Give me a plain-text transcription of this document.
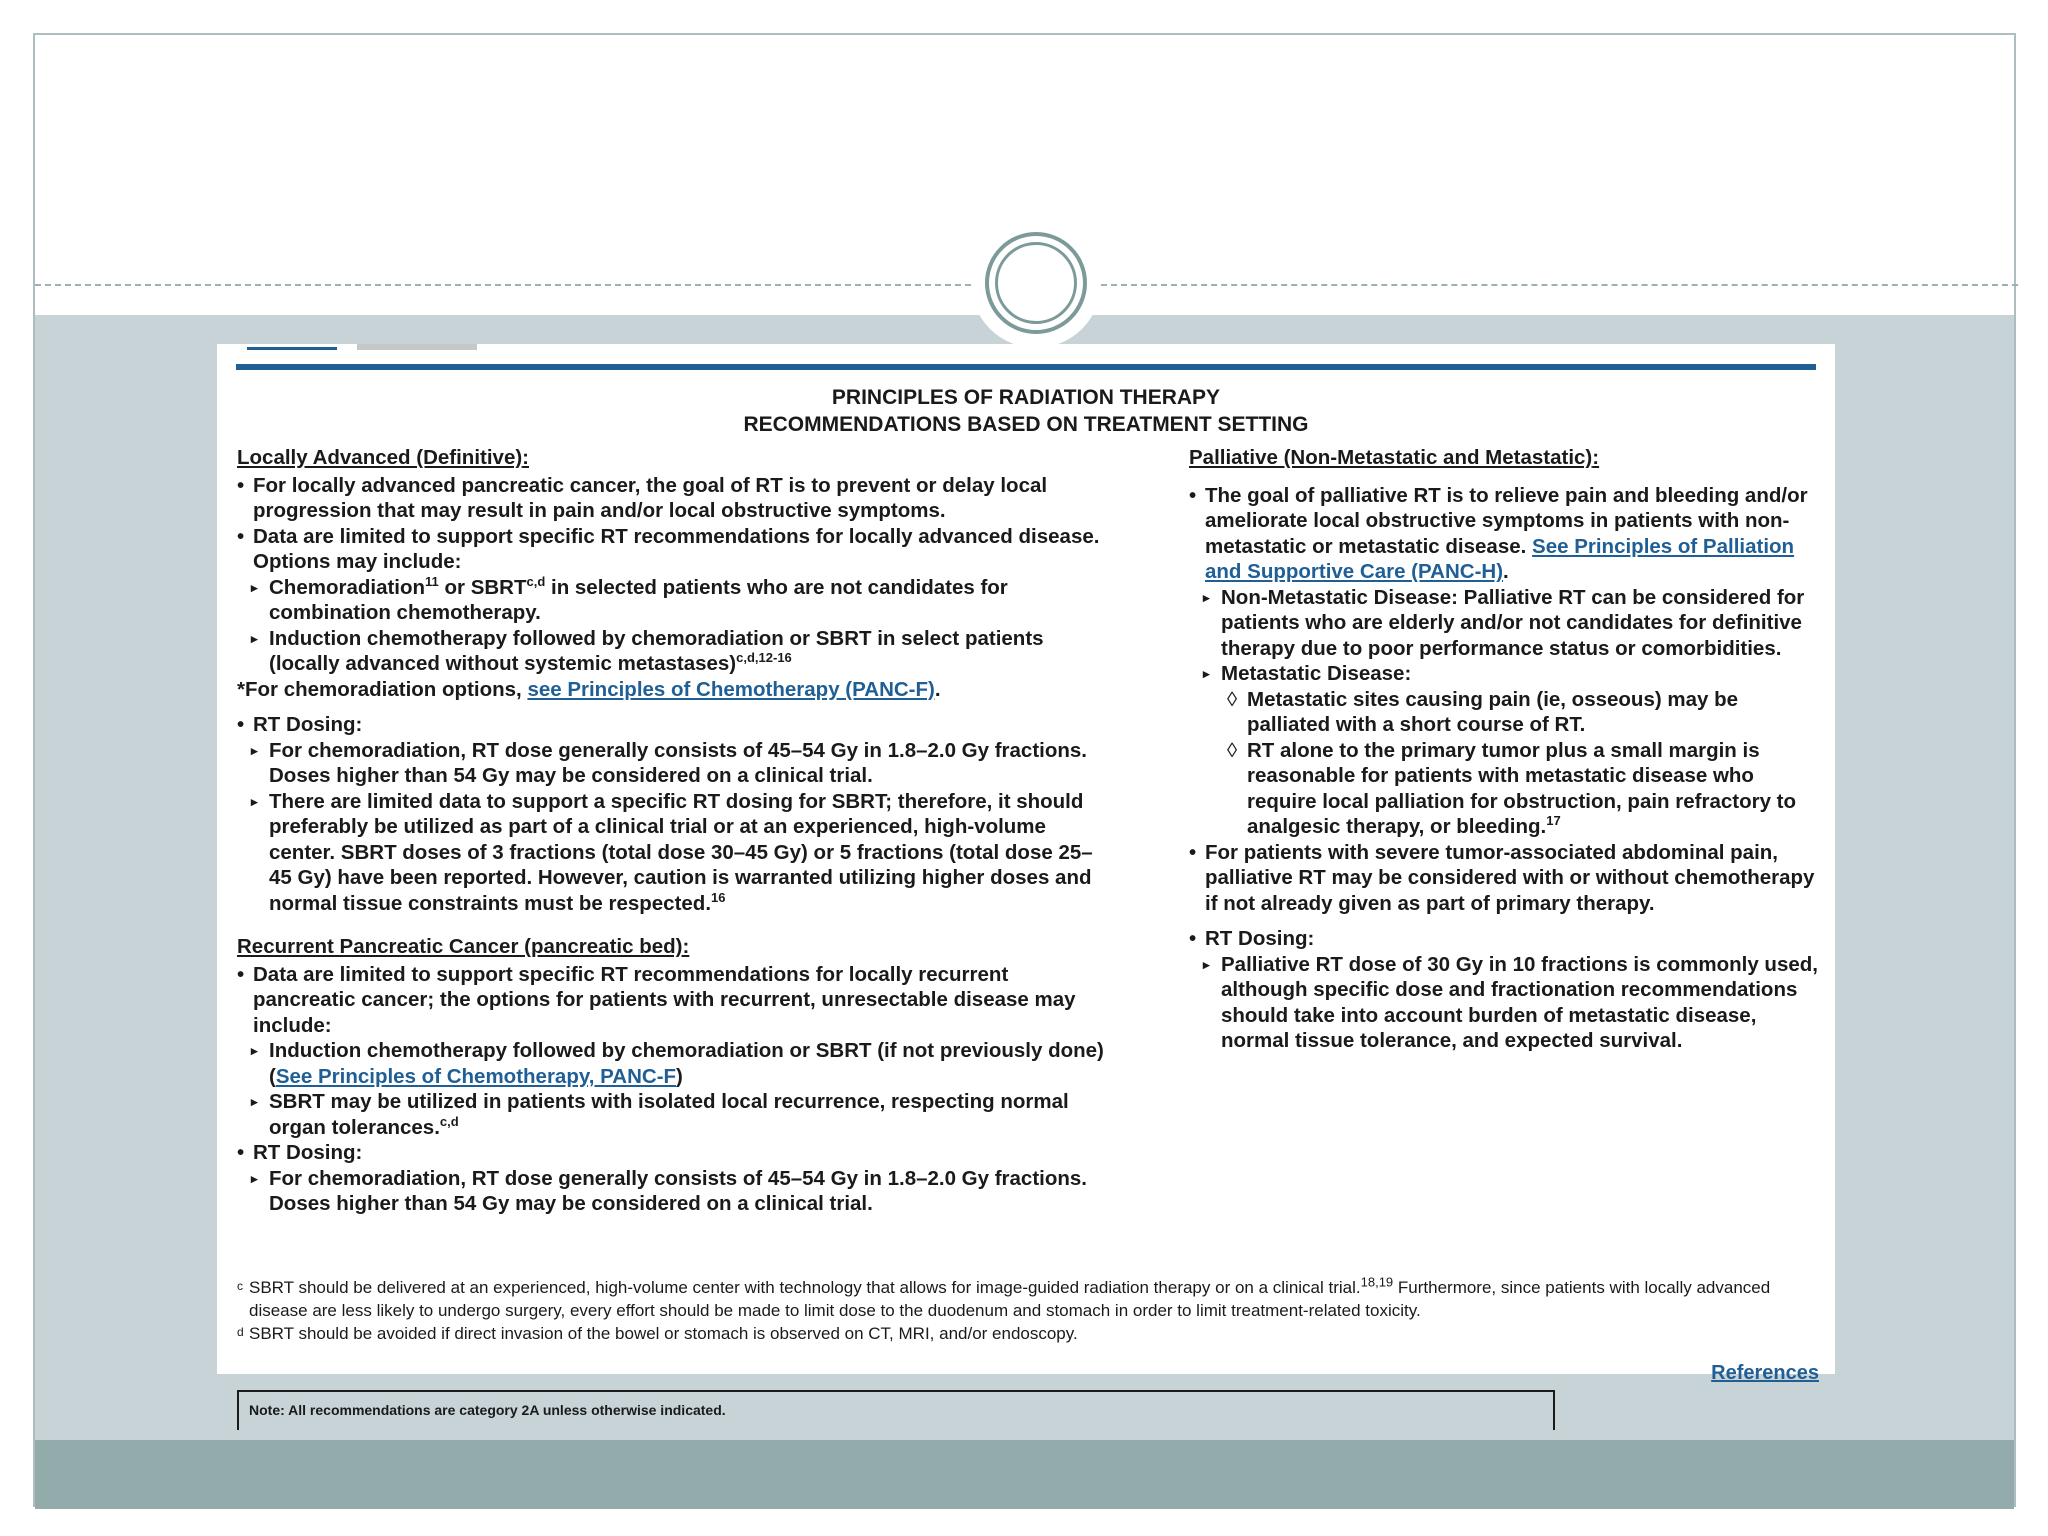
PRINCIPLES OF RADIATION THERAPY
RECOMMENDATIONS BASED ON TREATMENT SETTING
Locally Advanced (Definitive):
• For locally advanced pancreatic cancer, the goal of RT is to prevent or delay local progression that may result in pain and/or local obstructive symptoms.
• Data are limited to support specific RT recommendations for locally advanced disease. Options may include:
▸ Chemoradiation$^{11}$ or SBRT$^{c,d}$ in selected patients who are not candidates for combination chemotherapy.
▸ Induction chemotherapy followed by chemoradiation or SBRT in select patients (locally advanced without systemic metastases)$^{c,d,12-16}$
*For chemoradiation options, see Principles of Chemotherapy (PANC-F).
• RT Dosing:
▸ For chemoradiation, RT dose generally consists of 45–54 Gy in 1.8–2.0 Gy fractions. Doses higher than 54 Gy may be considered on a clinical trial.
▸ There are limited data to support a specific RT dosing for SBRT; therefore, it should preferably be utilized as part of a clinical trial or at an experienced, high-volume center. SBRT doses of 3 fractions (total dose 30–45 Gy) or 5 fractions (total dose 25–45 Gy) have been reported. However, caution is warranted utilizing higher doses and normal tissue constraints must be respected.$^{16}$
Recurrent Pancreatic Cancer (pancreatic bed):
• Data are limited to support specific RT recommendations for locally recurrent pancreatic cancer; the options for patients with recurrent, unresectable disease may include:
▸ Induction chemotherapy followed by chemoradiation or SBRT (if not previously done) (See Principles of Chemotherapy, PANC-F)
▸ SBRT may be utilized in patients with isolated local recurrence, respecting normal organ tolerances.$^{c,d}$
• RT Dosing:
▸ For chemoradiation, RT dose generally consists of 45–54 Gy in 1.8–2.0 Gy fractions. Doses higher than 54 Gy may be considered on a clinical trial.
Palliative (Non-Metastatic and Metastatic):
• The goal of palliative RT is to relieve pain and bleeding and/or ameliorate local obstructive symptoms in patients with non-metastatic or metastatic disease. See Principles of Palliation and Supportive Care (PANC-H).
▸ Non-Metastatic Disease: Palliative RT can be considered for patients who are elderly and/or not candidates for definitive therapy due to poor performance status or comorbidities.
▸ Metastatic Disease:
◊ Metastatic sites causing pain (ie, osseous) may be palliated with a short course of RT.
◊ RT alone to the primary tumor plus a small margin is reasonable for patients with metastatic disease who require local palliation for obstruction, pain refractory to analgesic therapy, or bleeding.$^{17}$
• For patients with severe tumor-associated abdominal pain, palliative RT may be considered with or without chemotherapy if not already given as part of primary therapy.
• RT Dosing:
▸ Palliative RT dose of 30 Gy in 10 fractions is commonly used, although specific dose and fractionation recommendations should take into account burden of metastatic disease, normal tissue tolerance, and expected survival.
c SBRT should be delivered at an experienced, high-volume center with technology that allows for image-guided radiation therapy or on a clinical trial.$^{18,19}$ Furthermore, since patients with locally advanced disease are less likely to undergo surgery, every effort should be made to limit dose to the duodenum and stomach in order to limit treatment-related toxicity.
d SBRT should be avoided if direct invasion of the bowel or stomach is observed on CT, MRI, and/or endoscopy.
References
Note: All recommendations are category 2A unless otherwise indicated.
